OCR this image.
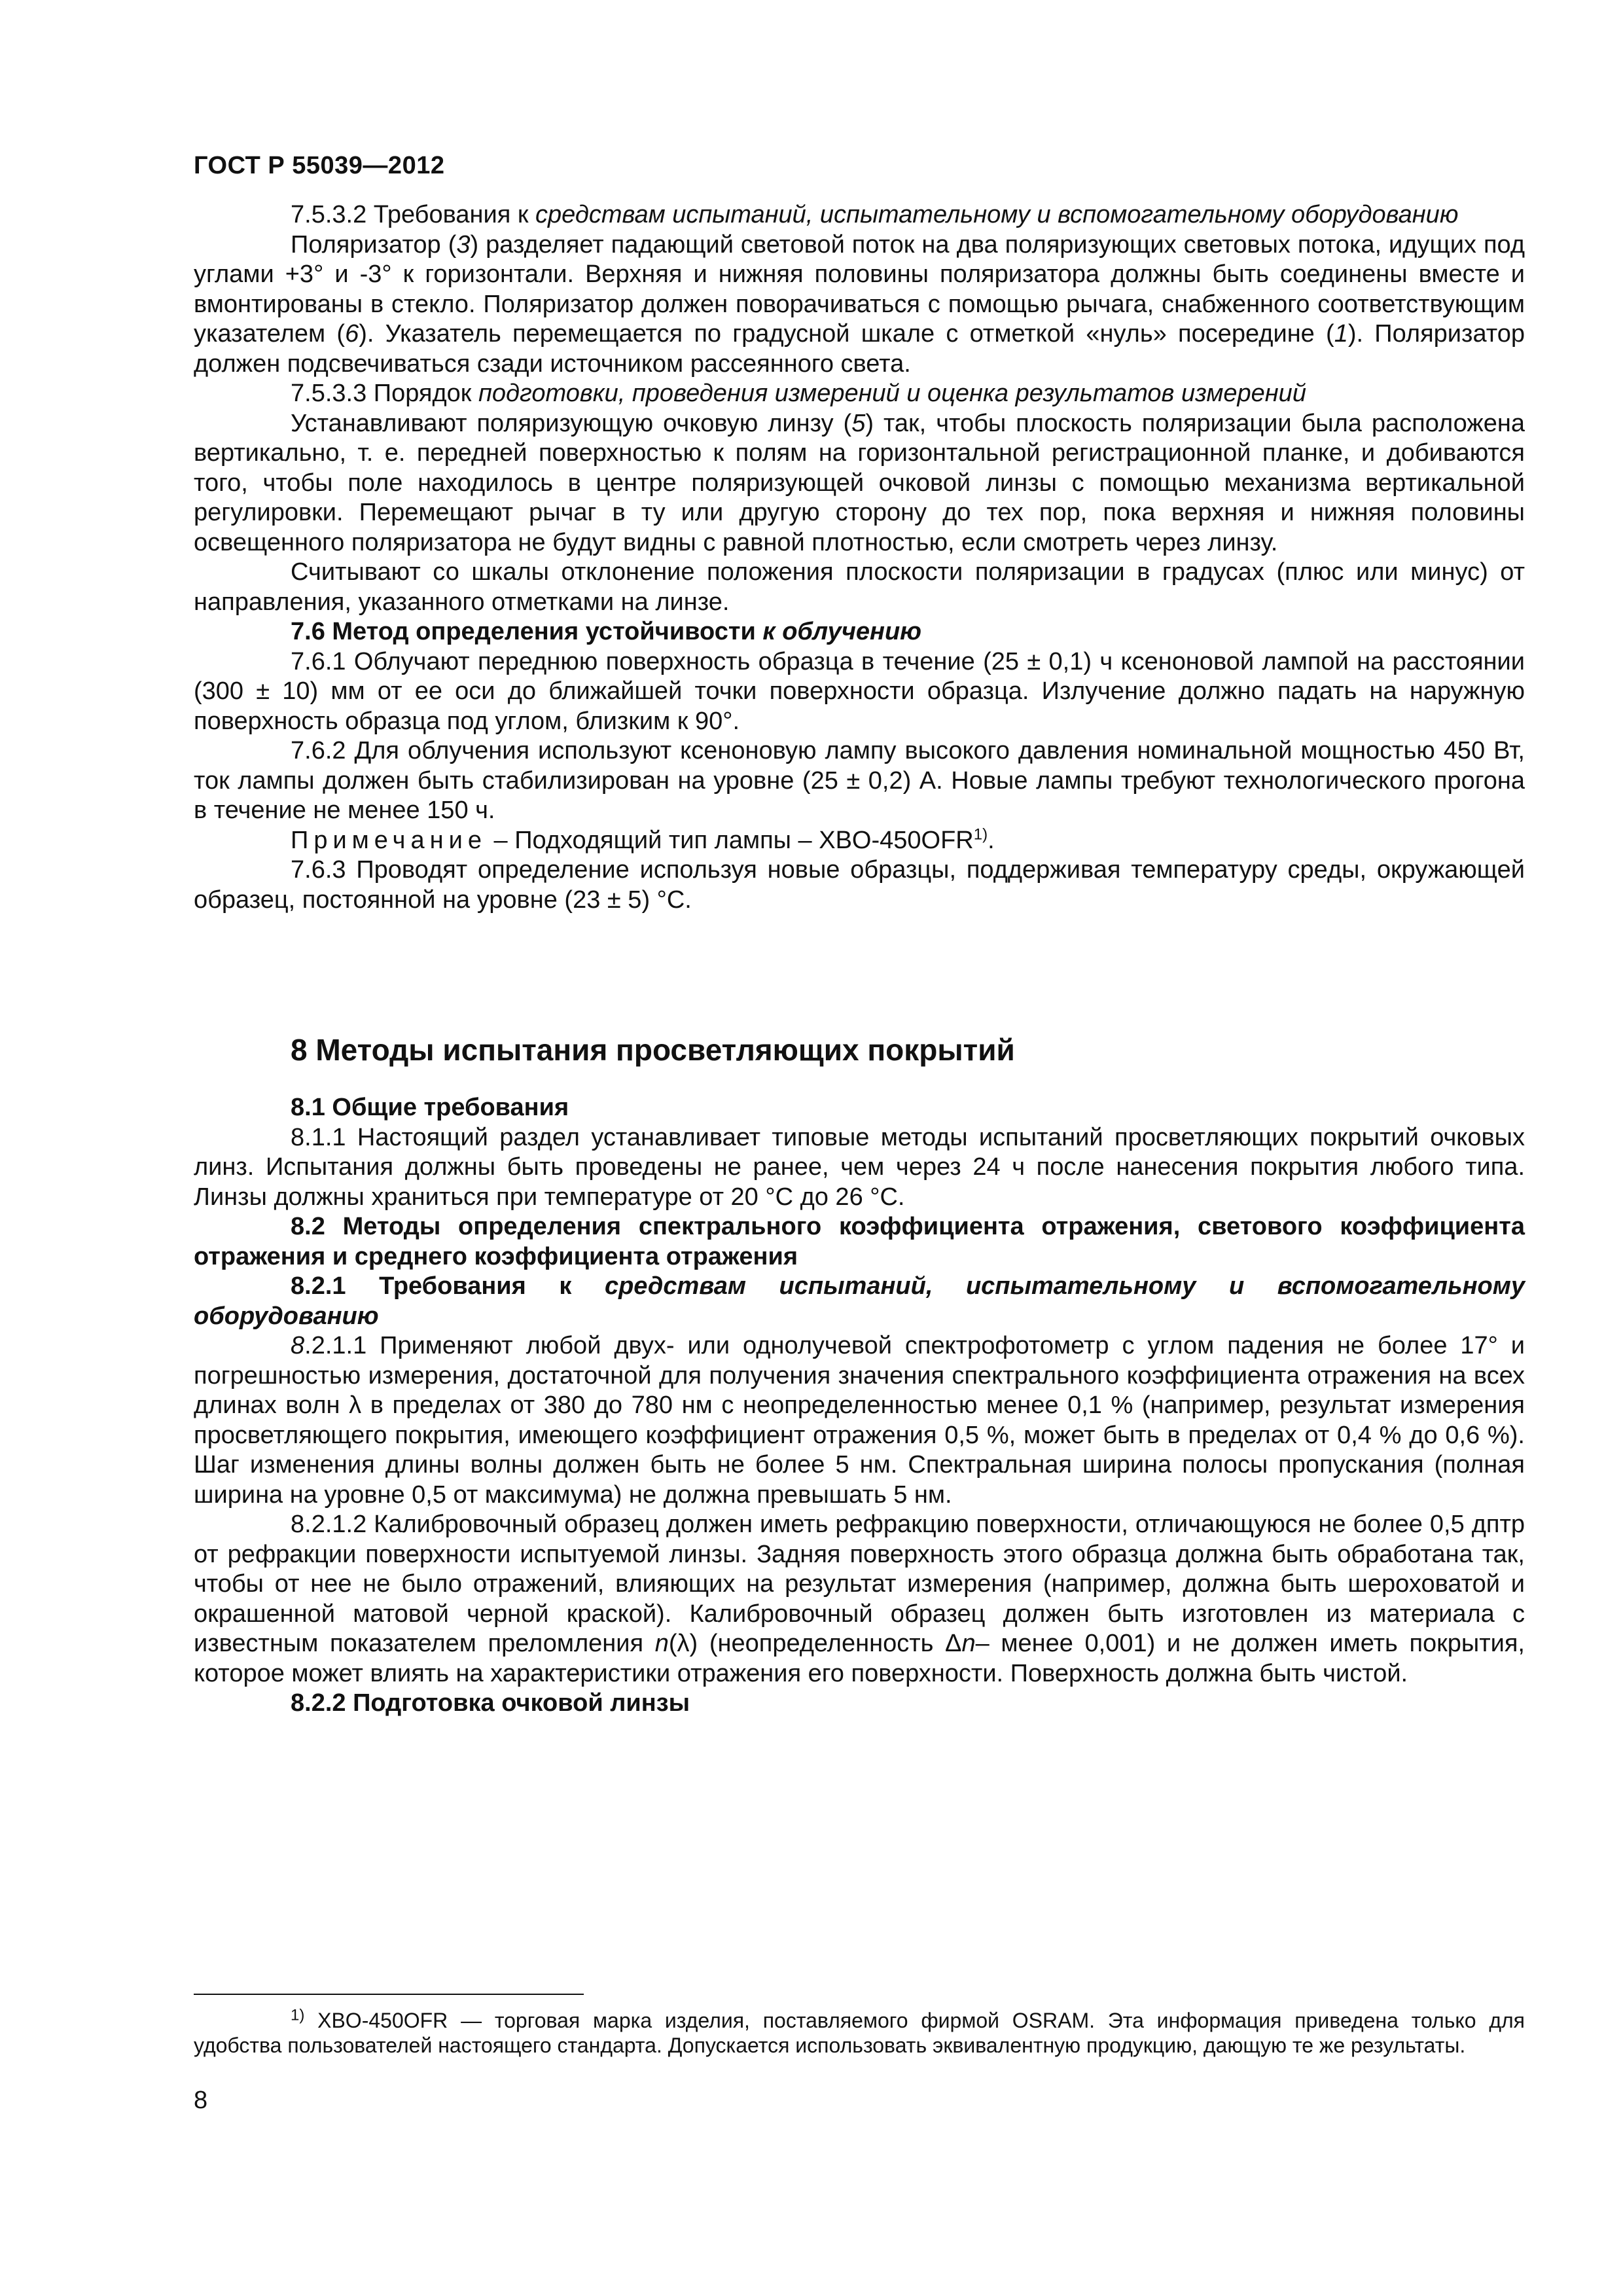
ГОСТ Р 55039—2012
7.5.3.2 Требования к средствам испытаний, испытательному и вспомогательному оборудованию
Поляризатор (3) разделяет падающий световой поток на два поляризующих световых потока, идущих под углами +3° и -3° к горизонтали. Верхняя и нижняя половины поляризатора должны быть соединены вместе и вмонтированы в стекло. Поляризатор должен поворачиваться с помощью рычага, снабженного соответствующим указателем (6). Указатель перемещается по градусной шкале с отметкой «нуль» посередине (1). Поляризатор должен подсвечиваться сзади источником рассеянного света.
7.5.3.3 Порядок подготовки, проведения измерений и оценка результатов измерений
Устанавливают поляризующую очковую линзу (5) так, чтобы плоскость поляризации была расположена вертикально, т. е. передней поверхностью к полям на горизонтальной регистрационной планке, и добиваются того, чтобы поле находилось в центре поляризующей очковой линзы с помощью механизма вертикальной регулировки. Перемещают рычаг в ту или другую сторону до тех пор, пока верхняя и нижняя половины освещенного поляризатора не будут видны с равной плотностью, если смотреть через линзу.
Считывают со шкалы отклонение положения плоскости поляризации в градусах (плюс или минус) от направления, указанного отметками на линзе.
7.6 Метод определения устойчивости к облучению
7.6.1 Облучают переднюю поверхность образца в течение (25 ± 0,1) ч ксеноновой лампой на расстоянии (300 ± 10) мм от ее оси до ближайшей точки поверхности образца. Излучение должно падать на наружную поверхность образца под углом, близким к 90°.
7.6.2 Для облучения используют ксеноновую лампу высокого давления номинальной мощностью 450 Вт, ток лампы должен быть стабилизирован на уровне (25 ± 0,2) А. Новые лампы требуют технологического прогона в течение не менее 150 ч.
Примечание – Подходящий тип лампы – XBO-450OFR$^{1)}$.
7.6.3 Проводят определение используя новые образцы, поддерживая температуру среды, окружающей образец, постоянной на уровне (23 ± 5) °С.
8 Методы испытания просветляющих покрытий
8.1 Общие требования
8.1.1 Настоящий раздел устанавливает типовые методы испытаний просветляющих покрытий очковых линз. Испытания должны быть проведены не ранее, чем через 24 ч после нанесения покрытия любого типа. Линзы должны храниться при температуре от 20 °С до 26 °С.
8.2 Методы определения спектрального коэффициента отражения, светового коэффициента отражения и среднего коэффициента отражения
8.2.1 Требования к средствам испытаний, испытательному и вспомогательному оборудованию
8.2.1.1 Применяют любой двух- или однолучевой спектрофотометр с углом падения не более 17° и погрешностью измерения, достаточной для получения значения спектрального коэффициента отражения на всех длинах волн λ в пределах от 380 до 780 нм с неопределенностью менее 0,1 % (например, результат измерения просветляющего покрытия, имеющего коэффициент отражения 0,5 %, может быть в пределах от 0,4 % до 0,6 %). Шаг изменения длины волны должен быть не более 5 нм. Спектральная ширина полосы пропускания (полная ширина на уровне 0,5 от максимума) не должна превышать 5 нм.
8.2.1.2 Калибровочный образец должен иметь рефракцию поверхности, отличающуюся не более 0,5 дптр от рефракции поверхности испытуемой линзы. Задняя поверхность этого образца должна быть обработана так, чтобы от нее не было отражений, влияющих на результат измерения (например, должна быть шероховатой и окрашенной матовой черной краской). Калибровочный образец должен быть изготовлен из материала с известным показателем преломления n(λ) (неопределенность Δn– менее 0,001) и не должен иметь покрытия, которое может влиять на характеристики отражения его поверхности. Поверхность должна быть чистой.
8.2.2 Подготовка очковой линзы
$^{1)}$ XBO-450OFR — торговая марка изделия, поставляемого фирмой OSRAM. Эта информация приведена только для удобства пользователей настоящего стандарта. Допускается использовать эквивалентную продукцию, дающую те же результаты.
8
